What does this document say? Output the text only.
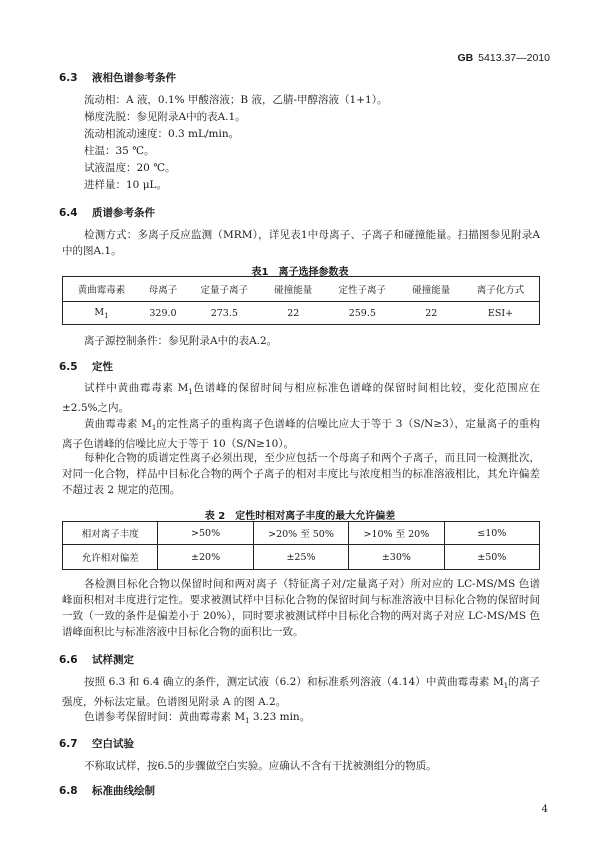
GB 5413.37—2010
6.3 液相色谱参考条件
流动相：A 液，0.1% 甲酸溶液；B 液，乙腈-甲醇溶液（1+1）。
梯度洗脱：参见附录A中的表A.1。
流动相流动速度：0.3 mL/min。
柱温：35 ℃。
试液温度：20 ℃。
进样量：10 μL。
6.4 质谱参考条件
检测方式：多离子反应监测（MRM），详见表1中母离子、子离子和碰撞能量。扫描图参见附录A中的图A.1。
表1　离子选择参数表
黄曲霉毒素	母离子	定量子离子	碰撞能量	定性子离子	碰撞能量	离子化方式
$M_1$	329.0	273.5	22	259.5	22	ESI+
离子源控制条件：参见附录A中的表A.2。
6.5 定性
试样中黄曲霉毒素 $M_1$色谱峰的保留时间与相应标准色谱峰的保留时间相比较，变化范围应在±2.5%之内。
黄曲霉毒素 $M_1$的定性离子的重构离子色谱峰的信噪比应大于等于 3（S/N≥3），定量离子的重构离子色谱峰的信噪比应大于等于 10（S/N≥10）。
每种化合物的质谱定性离子必须出现，至少应包括一个母离子和两个子离子，而且同一检测批次，对同一化合物，样品中目标化合物的两个子离子的相对丰度比与浓度相当的标准溶液相比，其允许偏差不超过表 2 规定的范围。
表 2　定性时相对离子丰度的最大允许偏差
相对离子丰度	>50%	>20% 至 50%	>10% 至 20%	≤10%
允许相对偏差	±20%	±25%	±30%	±50%
各检测目标化合物以保留时间和两对离子（特征离子对/定量离子对）所对应的 LC-MS/MS 色谱峰面积相对丰度进行定性。要求被测试样中目标化合物的保留时间与标准溶液中目标化合物的保留时间一致（一致的条件是偏差小于 20%），同时要求被测试样中目标化合物的两对离子对应 LC-MS/MS 色谱峰面积比与标准溶液中目标化合物的面积比一致。
6.6 试样测定
按照 6.3 和 6.4 确立的条件，测定试液（6.2）和标准系列溶液（4.14）中黄曲霉毒素 $M_1$的离子强度，外标法定量。色谱图见附录 A 的图 A.2。
色谱参考保留时间：黄曲霉毒素 $M_1$ 3.23 min。
6.7 空白试验
不称取试样，按6.5的步骤做空白实验。应确认不含有干扰被测组分的物质。
6.8 标准曲线绘制
4
